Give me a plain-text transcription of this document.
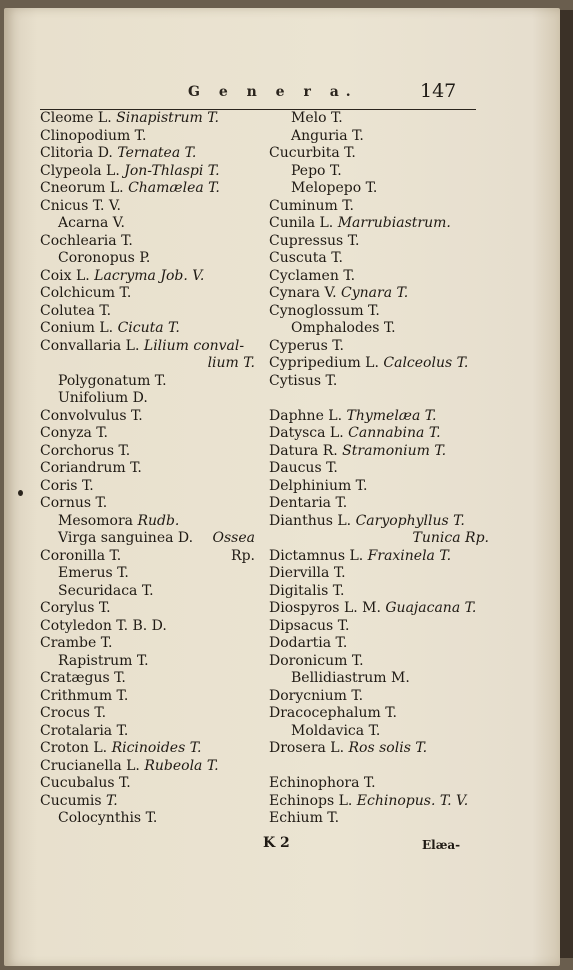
G e n e r a.	147
Cleome L. Sinapistrum T.
Clinopodium T.
Clitoria D. Ternatea T.
Clypeola L. Jon-Thlaspi T.
Cneorum L. Chamælea T.
Cnicus T. V.
Acarna V.
Cochlearia T.
Coronopus P.
Coix L. Lacryma Job. V.
Colchicum T.
Colutea T.
Conium L. Cicuta T.
Convallaria L. Lilium conval-
lium T.
Polygonatum T.
Unifolium D.
Convolvulus T.
Conyza T.
Corchorus T.
Coriandrum T.
Coris T.
Cornus T.
Mesomora Rudb.
Virga sanguinea D. Ossea
Coronilla T.	Rp.
Emerus T.
Securidaca T.
Corylus T.
Cotyledon T. B. D.
Crambe T.
Rapistrum T.
Cratægus T.
Crithmum T.
Crocus T.
Crotalaria T.
Croton L. Ricinoides T.
Crucianella L. Rubeola T.
Cucubalus T.
Cucumis T.
Colocynthis T.
Melo T.
Anguria T.
Cucurbita T.
Pepo T.
Melopepo T.
Cuminum T.
Cunila L. Marrubiastrum.
Cupressus T.
Cuscuta T.
Cyclamen T.
Cynara V. Cynara T.
Cynoglossum T.
Omphalodes T.
Cyperus T.
Cypripedium L. Calceolus T.
Cytisus T.
Daphne L. Thymelæa T.
Datysca L. Cannabina T.
Datura R. Stramonium T.
Daucus T.
Delphinium T.
Dentaria T.
Dianthus L. Caryophyllus T.
Tunica Rp.
Dictamnus L. Fraxinela T.
Diervilla T.
Digitalis T.
Diospyros L. M. Guajacana T.
Dipsacus T.
Dodartia T.
Doronicum T.
Bellidiastrum M.
Dorycnium T.
Dracocephalum T.
Moldavica T.
Drosera L. Ros solis T.
Echinophora T.
Echinops L. Echinopus. T. V.
Echium T.
K 2	Elæa-
